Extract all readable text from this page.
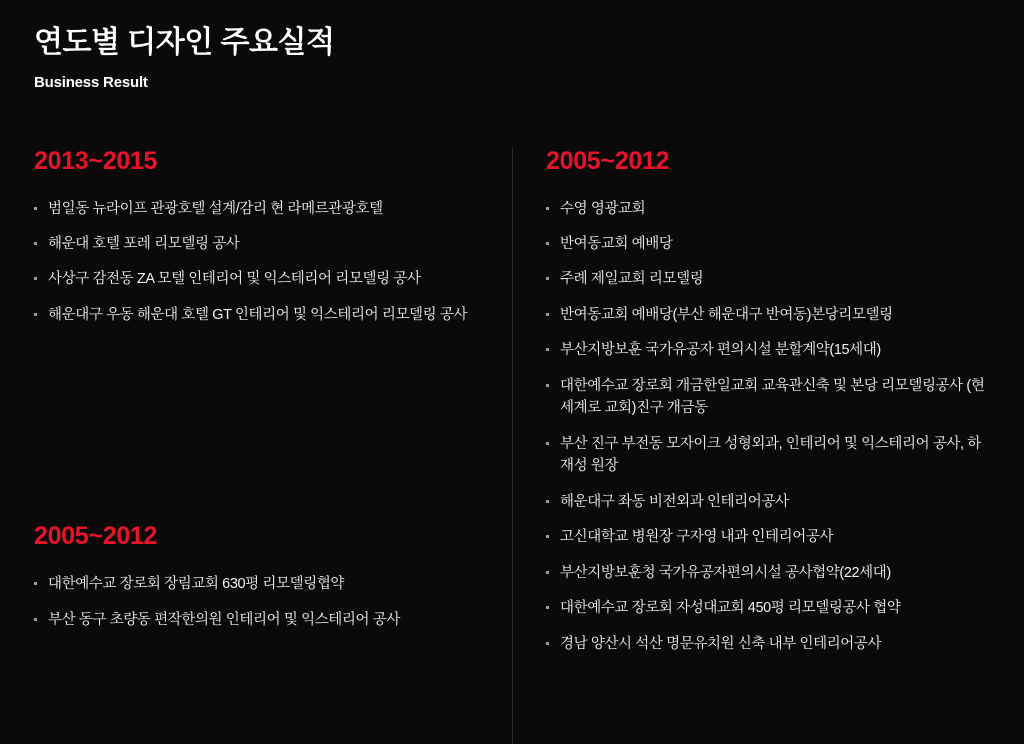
연도별 디자인 주요실적
Business Result
2013~2015
범일동 뉴라이프 관광호텔 설계/감리 현 라메르관광호텔
해운대 호텔 포레 리모델링 공사
사상구 감전동 ZA 모텔 인테리어 및 익스테리어 리모델링 공사
해운대구 우동 해운대 호텔 GT 인테리어 및 익스테리어 리모델링 공사
2005~2012
대한예수교 장로회 장림교회 630평 리모델링협약
부산 동구 초량동 편작한의원 인테리어 및 익스테리어 공사
2005~2012
수영 영광교회
반여동교회 예배당
주례 제일교회 리모델링
반여동교회 예배당(부산 해운대구 반여동)본당리모델링
부산지방보훈 국가유공자 편의시설 분할계약(15세대)
대한예수교 장로회 개금한일교회 교육관신축 및 본당 리모델링공사 (현 세계로 교회)진구 개금동
부산 진구 부전동 모자이크 성형외과, 인테리어 및 익스테리어 공사, 하재성 원장
해운대구 좌동 비전외과 인테리어공사
고신대학교 병원장 구자영 내과 인테리어공사
부산지방보훈청 국가유공자편의시설 공사협약(22세대)
대한예수교 장로회 자성대교회 450평 리모델링공사 협약
경남 양산시 석산 명문유치원 신축 내부 인테리어공사
